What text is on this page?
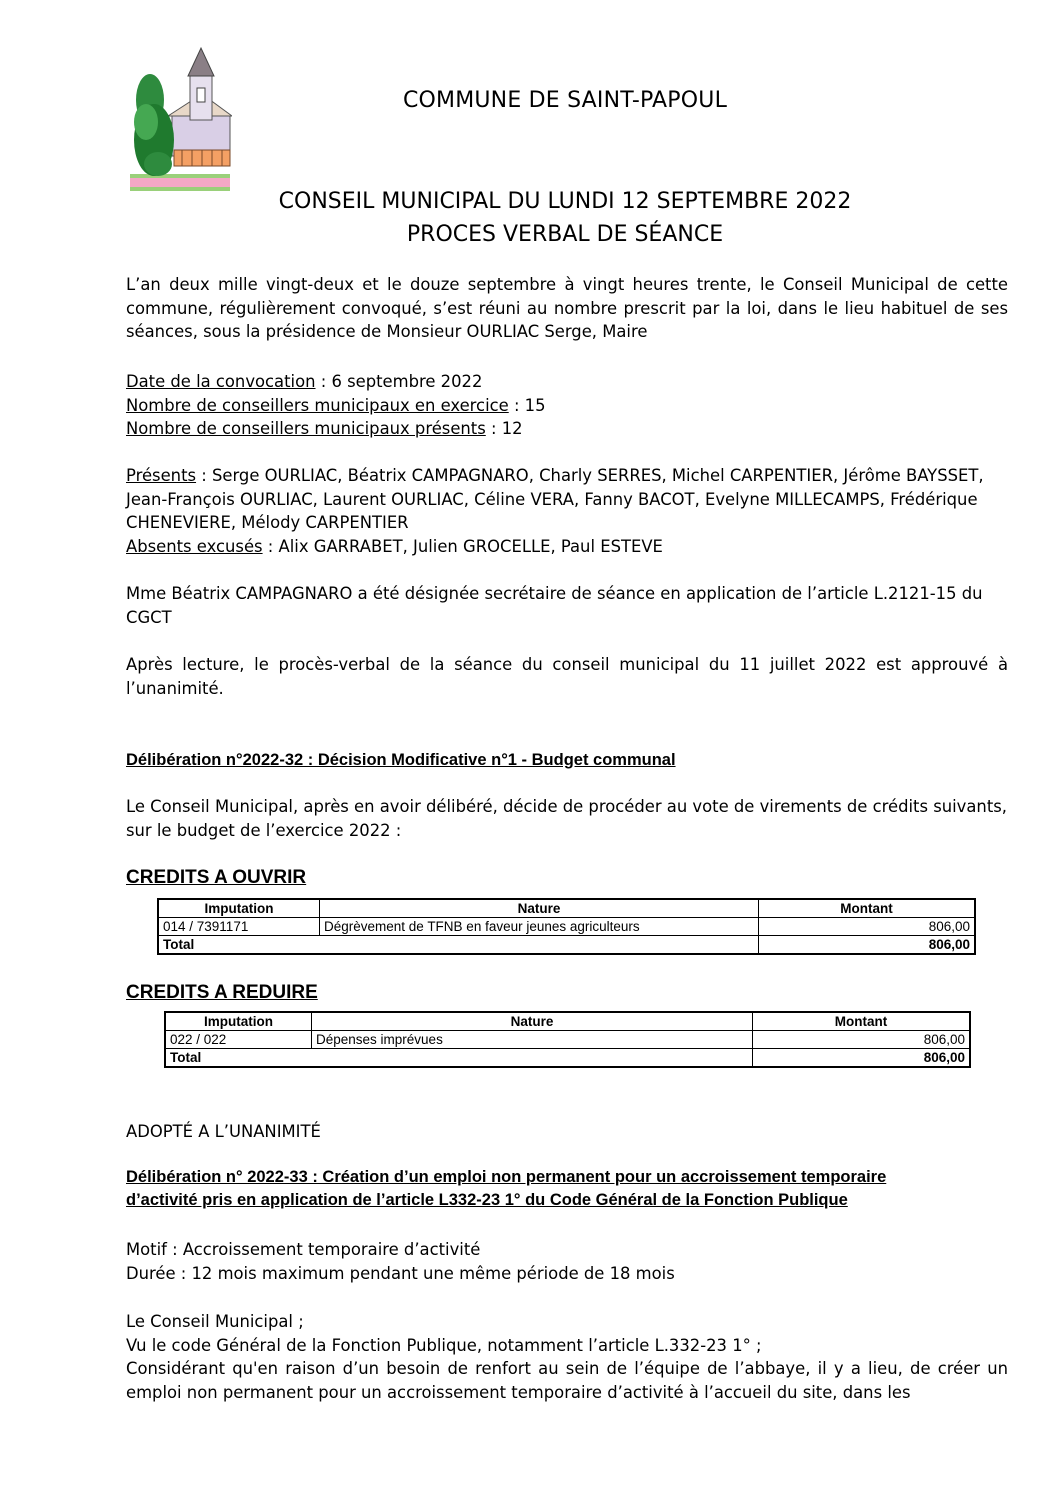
COMMUNE DE SAINT-PAPOUL
CONSEIL MUNICIPAL DU LUNDI 12 SEPTEMBRE 2022
PROCES VERBAL DE SÉANCE

L’an deux mille vingt-deux et le douze septembre à vingt heures trente, le Conseil Municipal de cette commune, régulièrement convoqué, s’est réuni au nombre prescrit par la loi, dans le lieu habituel de ses séances, sous la présidence de Monsieur OURLIAC Serge, Maire

Date de la convocation : 6 septembre 2022
Nombre de conseillers municipaux en exercice : 15
Nombre de conseillers municipaux présents : 12

Présents : Serge OURLIAC, Béatrix CAMPAGNARO, Charly SERRES, Michel CARPENTIER, Jérôme BAYSSET, Jean-François OURLIAC, Laurent OURLIAC, Céline VERA, Fanny BACOT, Evelyne MILLECAMPS, Frédérique CHENEVIERE, Mélody CARPENTIER

Absents excusés : Alix GARRABET, Julien GROCELLE, Paul ESTEVE

Mme Béatrix CAMPAGNARO a été désignée secrétaire de séance en application de l’article L.2121-15 du CGCT

Après lecture, le procès-verbal de la séance du conseil municipal du 11 juillet 2022 est approuvé à l’unanimité.

Délibération n°2022-32 : Décision Modificative n°1 - Budget communal

Le Conseil Municipal, après en avoir délibéré, décide de procéder au vote de virements de crédits suivants, sur le budget de l’exercice 2022 :

CREDITS A OUVRIR
Imputation	Nature	Montant
014 / 7391171	Dégrèvement de TFNB en faveur jeunes agriculteurs	806,00
Total		806,00
CREDITS A REDUIRE
Imputation	Nature	Montant
022 / 022	Dépenses imprévues	806,00
Total		806,00
ADOPTÉ A L’UNANIMITÉ
Délibération n° 2022-33 : Création d’un emploi non permanent pour un accroissement temporaire
d’activité pris en application de l’article L332-23 1° du Code Général de la Fonction Publique
Motif : Accroissement temporaire d’activité
Durée : 12 mois maximum pendant une même période de 18 mois
Le Conseil Municipal ;
Vu le code Général de la Fonction Publique, notamment l’article L.332-23 1° ;

Considérant qu'en raison d’un besoin de renfort au sein de l’équipe de l’abbaye, il y a lieu, de créer un emploi non permanent pour un accroissement temporaire d’activité à l’accueil du site, dans les
